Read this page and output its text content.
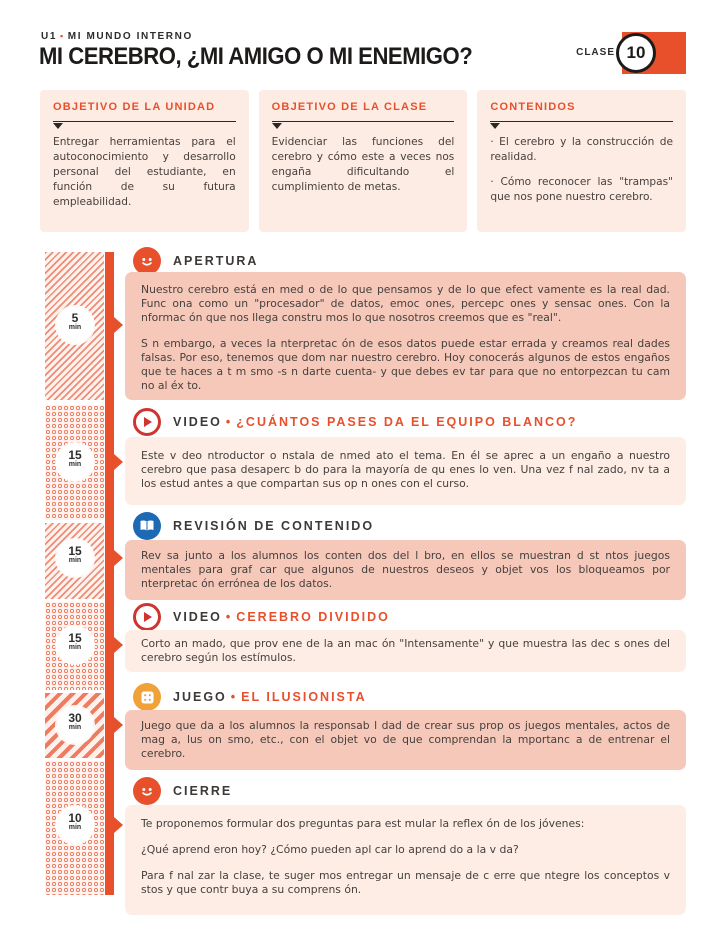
U1 ▪ MI MUNDO INTERNO
MI CEREBRO, ¿MI AMIGO O MI ENEMIGO?	CLASE 10
OBJETIVO DE LA UNIDAD
Entregar herramientas para el autoconocimiento y desarrollo personal del estudiante, en función de su futura empleabilidad.
OBJETIVO DE LA CLASE
Evidenciar las funciones del cerebro y cómo este a veces nos engaña dificultando el cumplimiento de metas.
CONTENIDOS

· El cerebro y la construcción de realidad.

· Cómo reconocer las "trampas" que nos pone nuestro cerebro.

5
min
15
min
15
min
15
min
30
min
10
min
APERTURA

Nuestro cerebro está en med o de lo que pensamos y de lo que efect vamente es la real dad. Func ona como un "procesador" de datos, emoc ones, percepc ones y sensac ones. Con la nformac ón que nos llega constru mos lo que nosotros creemos que es "real".

S n embargo, a veces la nterpretac ón de esos datos puede estar errada y creamos real dades falsas. Por eso, tenemos que dom nar nuestro cerebro. Hoy conocerás algunos de estos engaños que te haces a t m smo -s n darte cuenta- y que debes ev tar para que no entorpezcan tu cam no al éx to.

VIDEO • ¿CUÁNTOS PASES DA EL EQUIPO BLANCO?

Este v deo ntroductor o nstala de nmed ato el tema. En él se aprec a un engaño a nuestro cerebro que pasa desaperc b do para la mayoría de qu enes lo ven. Una vez f nal zado, nv ta a los estud antes a que compartan sus op n ones con el curso.

REVISIÓN DE CONTENIDO

Rev sa junto a los alumnos los conten dos del l bro, en ellos se muestran d st ntos juegos mentales para graf car que algunos de nuestros deseos y objet vos los bloqueamos por nterpretac ón errónea de los datos.

VIDEO • CEREBRO DIVIDIDO

Corto an mado, que prov ene de la an mac ón "Intensamente" y que muestra las dec s ones del cerebro según los estímulos.

JUEGO • EL ILUSIONISTA

Juego que da a los alumnos la responsab l dad de crear sus prop os juegos mentales, actos de mag a, lus on smo, etc., con el objet vo de que comprendan la mportanc a de entrenar el cerebro.

CIERRE

Te proponemos formular dos preguntas para est mular la reflex ón de los jóvenes:

¿Qué aprend eron hoy? ¿Cómo pueden apl car lo aprend do a la v da?

Para f nal zar la clase, te suger mos entregar un mensaje de c erre que ntegre los conceptos v stos y que contr buya a su comprens ón.
